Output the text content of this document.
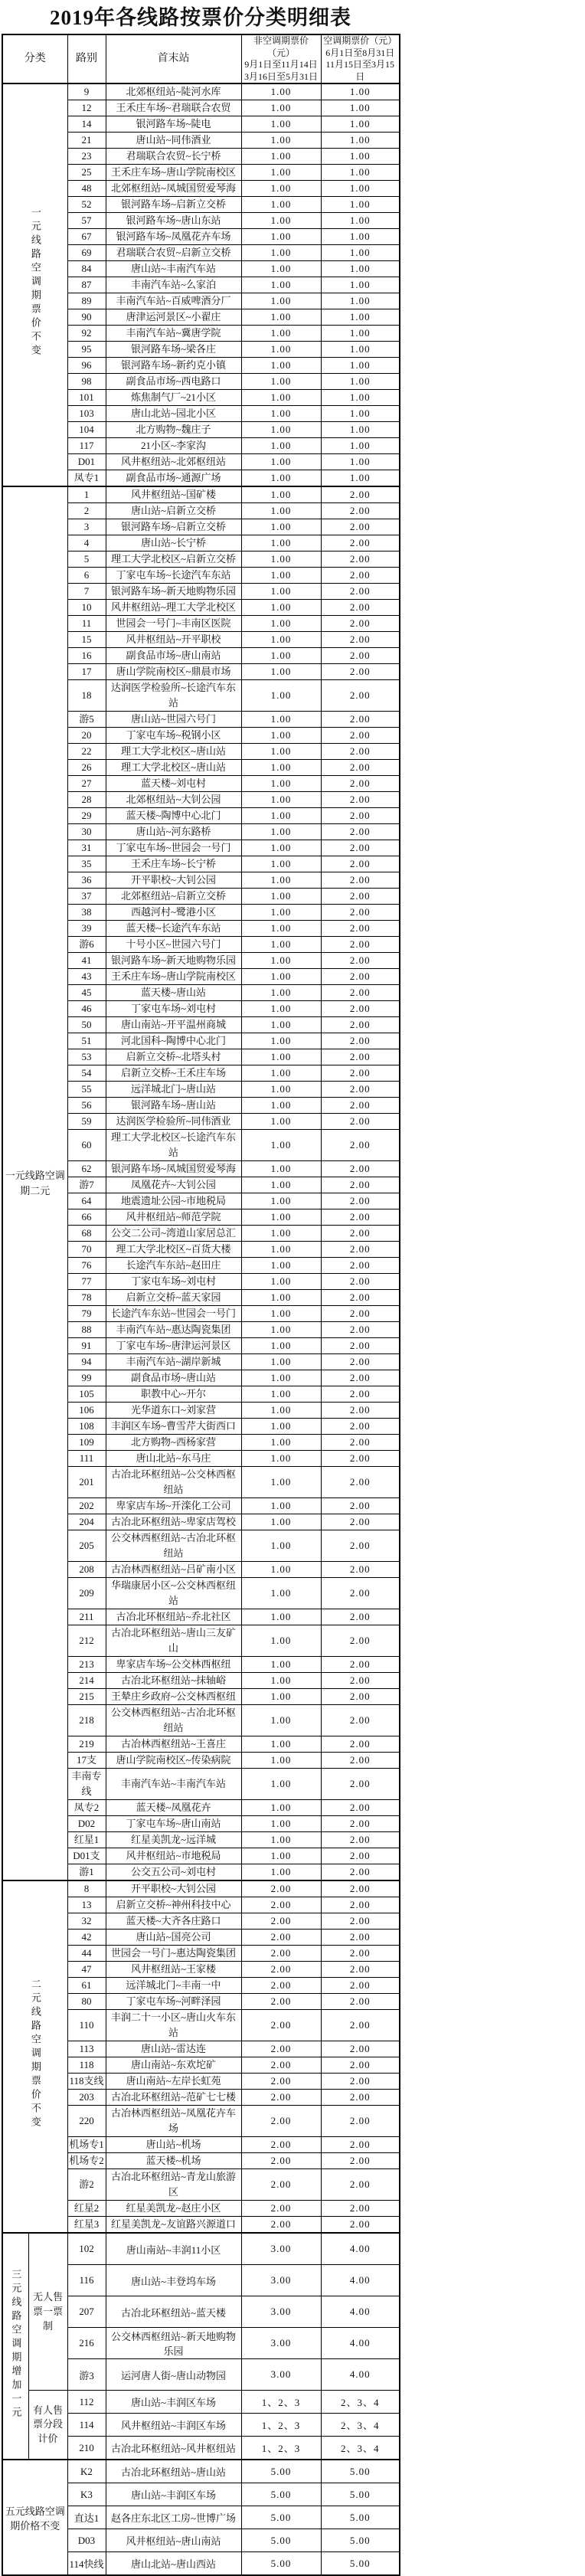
2019年各线路按票价分类明细表
分类		路别	首末站	非空调期票价（元）
9月1日至11月14日
3月16日至5月31日	空调期票价（元）
6月1日至8月31日
11月15日至3月15日
一元线路空调期票价不变		9	北郊枢纽站~陡河水库	1.00	1.00
		12	王禾庄车场~君瑞联合农贸	1.00	1.00
		14	银河路车场~陡电	1.00	1.00
		21	唐山站~同伟酒业	1.00	1.00
		23	君瑞联合农贸~长宁桥	1.00	1.00
		25	王禾庄车场~唐山学院南校区	1.00	1.00
		48	北郊枢纽站~凤城国贸爱琴海	1.00	1.00
		52	银河路车场~启新立交桥	1.00	1.00
		57	银河路车场~唐山东站	1.00	1.00
		67	银河路车场~凤凰花卉车场	1.00	1.00
		69	君瑞联合农贸~启新立交桥	1.00	1.00
		84	唐山站~丰南汽车站	1.00	1.00
		87	丰南汽车站~么家泊	1.00	1.00
		89	丰南汽车站~百威啤酒分厂	1.00	1.00
		90	唐津运河景区~小翟庄	1.00	1.00
		92	丰南汽车站~冀唐学院	1.00	1.00
		95	银河路车场~梁各庄	1.00	1.00
		96	银河路车场~新约克小镇	1.00	1.00
		98	副食品市场~西电路口	1.00	1.00
		101	炼焦制气厂~21小区	1.00	1.00
		103	唐山北站~园北小区	1.00	1.00
		104	北方购物~魏庄子	1.00	1.00
		117	21小区~李家沟	1.00	1.00
		D01	风井枢纽站~北郊枢纽站	1.00	1.00
		凤专1	副食品市场~通源广场	1.00	1.00
一元线路空调期二元		1	风井枢纽站~国矿楼	1.00	2.00
		2	唐山站~启新立交桥	1.00	2.00
		3	银河路车场~启新立交桥	1.00	2.00
		4	唐山站~长宁桥	1.00	2.00
		5	理工大学北校区~启新立交桥	1.00	2.00
		6	丁家屯车场~长途汽车东站	1.00	2.00
		7	银河路车场~新天地购物乐园	1.00	2.00
		10	风井枢纽站~理工大学北校区	1.00	2.00
		11	世园会一号门~丰南区医院	1.00	2.00
		15	风井枢纽站~开平职校	1.00	2.00
		16	副食品市场~唐山南站	1.00	2.00
		17	唐山学院南校区~鼎晨市场	1.00	2.00
		18	达润医学检验所~长途汽车东站	1.00	2.00
		游5	唐山站~世园六号门	1.00	2.00
		20	丁家屯车场~税钢小区	1.00	2.00
		22	理工大学北校区~唐山站	1.00	2.00
		26	理工大学北校区~唐山站	1.00	2.00
		27	蓝天楼~刘屯村	1.00	2.00
		28	北郊枢纽站~大钊公园	1.00	2.00
		29	蓝天楼~陶博中心北门	1.00	2.00
		30	唐山站~河东路桥	1.00	2.00
		31	丁家屯车场~世园会一号门	1.00	2.00
		35	王禾庄车场~长宁桥	1.00	2.00
		36	开平职校~大钊公园	1.00	2.00
		37	北郊枢纽站~启新立交桥	1.00	2.00
		38	西越河村~鹭港小区	1.00	2.00
		39	蓝天楼~长途汽车东站	1.00	2.00
		游6	十号小区~世园六号门	1.00	2.00
		41	银河路车场~新天地购物乐园	1.00	2.00
		43	王禾庄车场~唐山学院南校区	1.00	2.00
		45	蓝天楼~唐山站	1.00	2.00
		46	丁家屯车场~刘屯村	1.00	2.00
		50	唐山南站~开平温州商城	1.00	2.00
		51	河北国科~陶博中心北门	1.00	2.00
		53	启新立交桥~北塔头村	1.00	2.00
		54	启新立交桥~王禾庄车场	1.00	2.00
		55	远洋城北门~唐山站	1.00	2.00
		56	银河路车场~唐山站	1.00	2.00
		59	达润医学检验所~同伟酒业	1.00	2.00
		60	理工大学北校区~长途汽车东站	1.00	2.00
		62	银河路车场~凤城国贸爱琴海	1.00	2.00
		游7	凤凰花卉~大钊公园	1.00	2.00
		64	地震遗址公园~市地税局	1.00	2.00
		66	风井枢纽站~师范学院	1.00	2.00
		68	公交二公司~湾道山家居总汇	1.00	2.00
		70	理工大学北校区~百货大楼	1.00	2.00
		76	长途汽车东站~赵田庄	1.00	2.00
		77	丁家屯车场~刘屯村	1.00	2.00
		78	启新立交桥~蓝天家园	1.00	2.00
		79	长途汽车东站~世园会一号门	1.00	2.00
		88	丰南汽车站~惠达陶瓷集团	1.00	2.00
		91	丁家屯车场~唐津运河景区	1.00	2.00
		94	丰南汽车站~湖岸新城	1.00	2.00
		99	副食品市场~唐山站	1.00	2.00
		105	职教中心~开尔	1.00	2.00
		106	光华道东口~刘家营	1.00	2.00
		108	丰润区车场~曹雪芹大街西口	1.00	2.00
		109	北方购物~西杨家营	1.00	2.00
		111	唐山北站~东马庄	1.00	2.00
		201	古冶北环枢纽站~公交林西枢纽站	1.00	2.00
		202	卑家店车场~开滦化工公司	1.00	2.00
		204	古冶北环枢纽站~卑家店驾校	1.00	2.00
		205	公交林西枢纽站~古冶北环枢纽站	1.00	2.00
		208	古冶林西枢纽站~吕矿南小区	1.00	2.00
		209	华瑞康居小区~公交林西枢纽站	1.00	2.00
		211	古冶北环枢纽站~乔北社区	1.00	2.00
		212	古冶北环枢纽站~唐山三友矿山	1.00	2.00
		213	卑家店车场~公交林西枢纽	1.00	2.00
		214	古冶北环枢纽站~抹轴峪	1.00	2.00
		215	王辇庄乡政府~公交林西枢纽	1.00	2.00
		218	公交林西枢纽站~古冶北环枢纽站	1.00	2.00
		219	古冶林西枢纽站~王喜庄	1.00	2.00
		17支	唐山学院南校区~传染病院	1.00	2.00
		丰南专线	丰南汽车站~丰南汽车站	1.00	2.00
		凤专2	蓝天楼~凤凰花卉	1.00	2.00
		D02	丁家屯车场~唐山南站	1.00	2.00
		红星1	红星美凯龙~远洋城	1.00	2.00
		D01支	风井枢纽站~市地税局	1.00	2.00
		游1	公交五公司~刘屯村	1.00	2.00
二元线路空调期票价不变		8	开平职校~大钊公园	2.00	2.00
		13	启新立交桥~神州科技中心	2.00	2.00
		32	蓝天楼~大齐各庄路口	2.00	2.00
		42	唐山站~国亮公司	2.00	2.00
		44	世园会一号门~惠达陶瓷集团	2.00	2.00
		47	风井枢纽站~王家楼	2.00	2.00
		61	远洋城北门~丰南一中	2.00	2.00
		80	丁家屯车场~河畔泽园	2.00	2.00
		110	丰润二十一小区~唐山火车东站	2.00	2.00
		113	唐山站~雷达连	2.00	2.00
		118	唐山南站~东欢坨矿	2.00	2.00
		118支线	唐山南站~左岸长虹苑	2.00	2.00
		203	古冶北环枢纽站~范矿七七楼	2.00	2.00
		220	古冶林西枢纽站~凤凰花卉车场	2.00	2.00
		机场专1	唐山站~机场	2.00	2.00
		机场专2	蓝天楼~机场	2.00	2.00
		游2	古冶北环枢纽站~青龙山旅游区	2.00	2.00
		红星2	红星美凯龙~赵庄小区	2.00	2.00
		红星3	红星美凯龙~友谊路兴源道口	2.00	2.00
三元线路空调期增加一元	无人售票一票制	102	唐山南站~丰润11小区	3.00	4.00
		116	唐山站~丰登坞车场	3.00	4.00
		207	古冶北环枢纽站~蓝天楼	3.00	4.00
		216	公交林西枢纽站~新天地购物乐园	3.00	4.00
		游3	运河唐人街~唐山动物园	3.00	4.00
	有人售票分段计价	112	唐山站~丰润区车场	1、2、3	2、3、4
		114	风井枢纽站~丰润区车场	1、2、3	2、3、4
		210	古冶北环枢纽站~风井枢纽站	1、2、3	2、3、4
五元线路空调期价格不变		K2	古冶北环枢纽站~唐山站	5.00	5.00
		K3	唐山站~丰润区车场	5.00	5.00
		直达1	赵各庄东北区工房~世博广场	5.00	5.00
		D03	风井枢纽站~唐山南站	5.00	5.00
		114快线	唐山北站~唐山西站	5.00	5.00
